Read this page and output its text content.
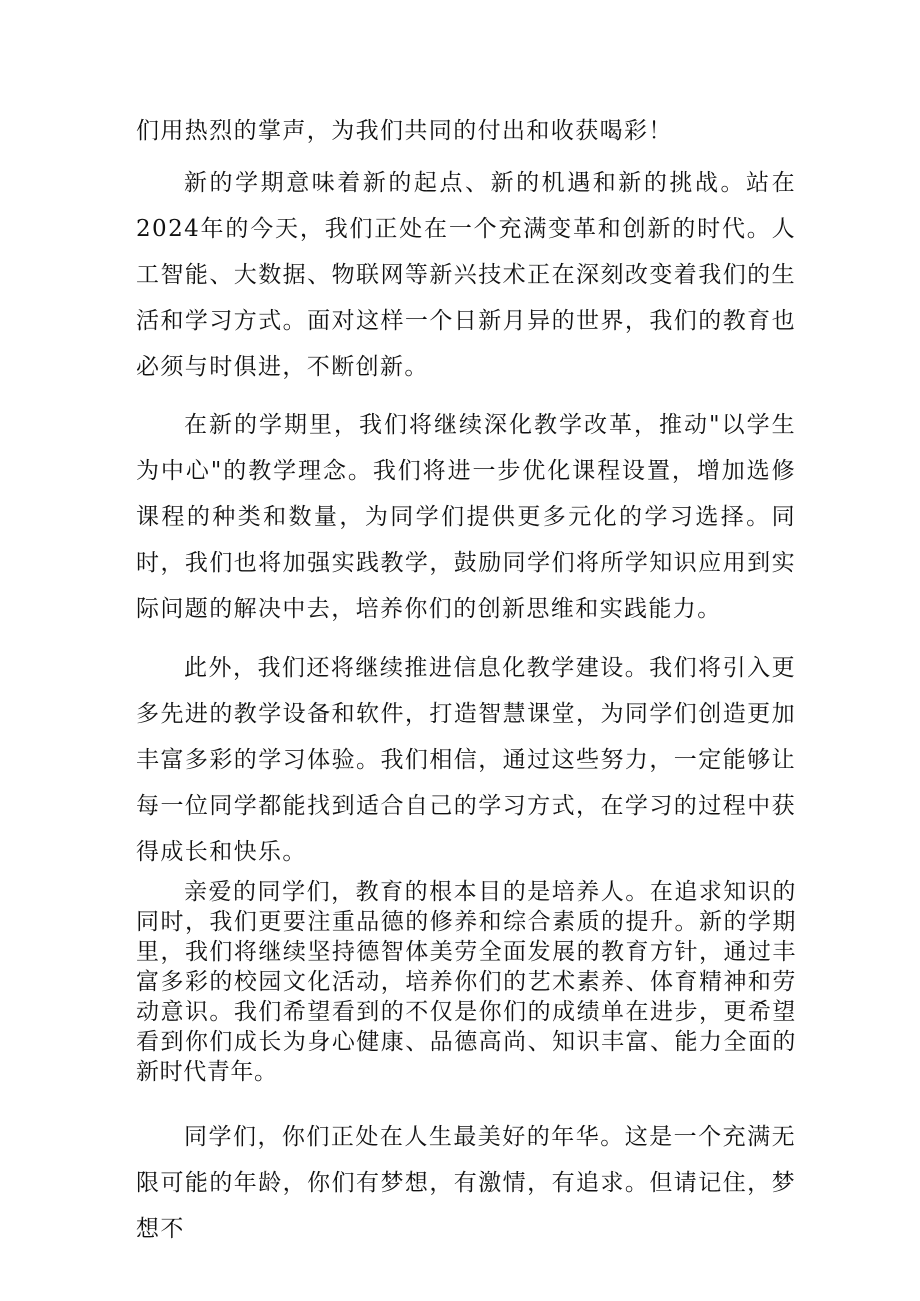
们用热烈的掌声，为我们共同的付出和收获喝彩！

新的学期意味着新的起点、新的机遇和新的挑战。站在2024年的今天，我们正处在一个充满变革和创新的时代。人工智能、大数据、物联网等新兴技术正在深刻改变着我们的生活和学习方式。面对这样一个日新月异的世界，我们的教育也必须与时俱进，不断创新。

在新的学期里，我们将继续深化教学改革，推动"以学生为中心"的教学理念。我们将进一步优化课程设置，增加选修课程的种类和数量，为同学们提供更多元化的学习选择。同时，我们也将加强实践教学，鼓励同学们将所学知识应用到实际问题的解决中去，培养你们的创新思维和实践能力。

此外，我们还将继续推进信息化教学建设。我们将引入更多先进的教学设备和软件，打造智慧课堂，为同学们创造更加丰富多彩的学习体验。我们相信，通过这些努力，一定能够让每一位同学都能找到适合自己的学习方式，在学习的过程中获得成长和快乐。

亲爱的同学们，教育的根本目的是培养人。在追求知识的同时，我们更要注重品德的修养和综合素质的提升。新的学期里，我们将继续坚持德智体美劳全面发展的教育方针，通过丰富多彩的校园文化活动，培养你们的艺术素养、体育精神和劳动意识。我们希望看到的不仅是你们的成绩单在进步，更希望看到你们成长为身心健康、品德高尚、知识丰富、能力全面的新时代青年。

同学们，你们正处在人生最美好的年华。这是一个充满无限可能的年龄，你们有梦想，有激情，有追求。但请记住，梦想不
